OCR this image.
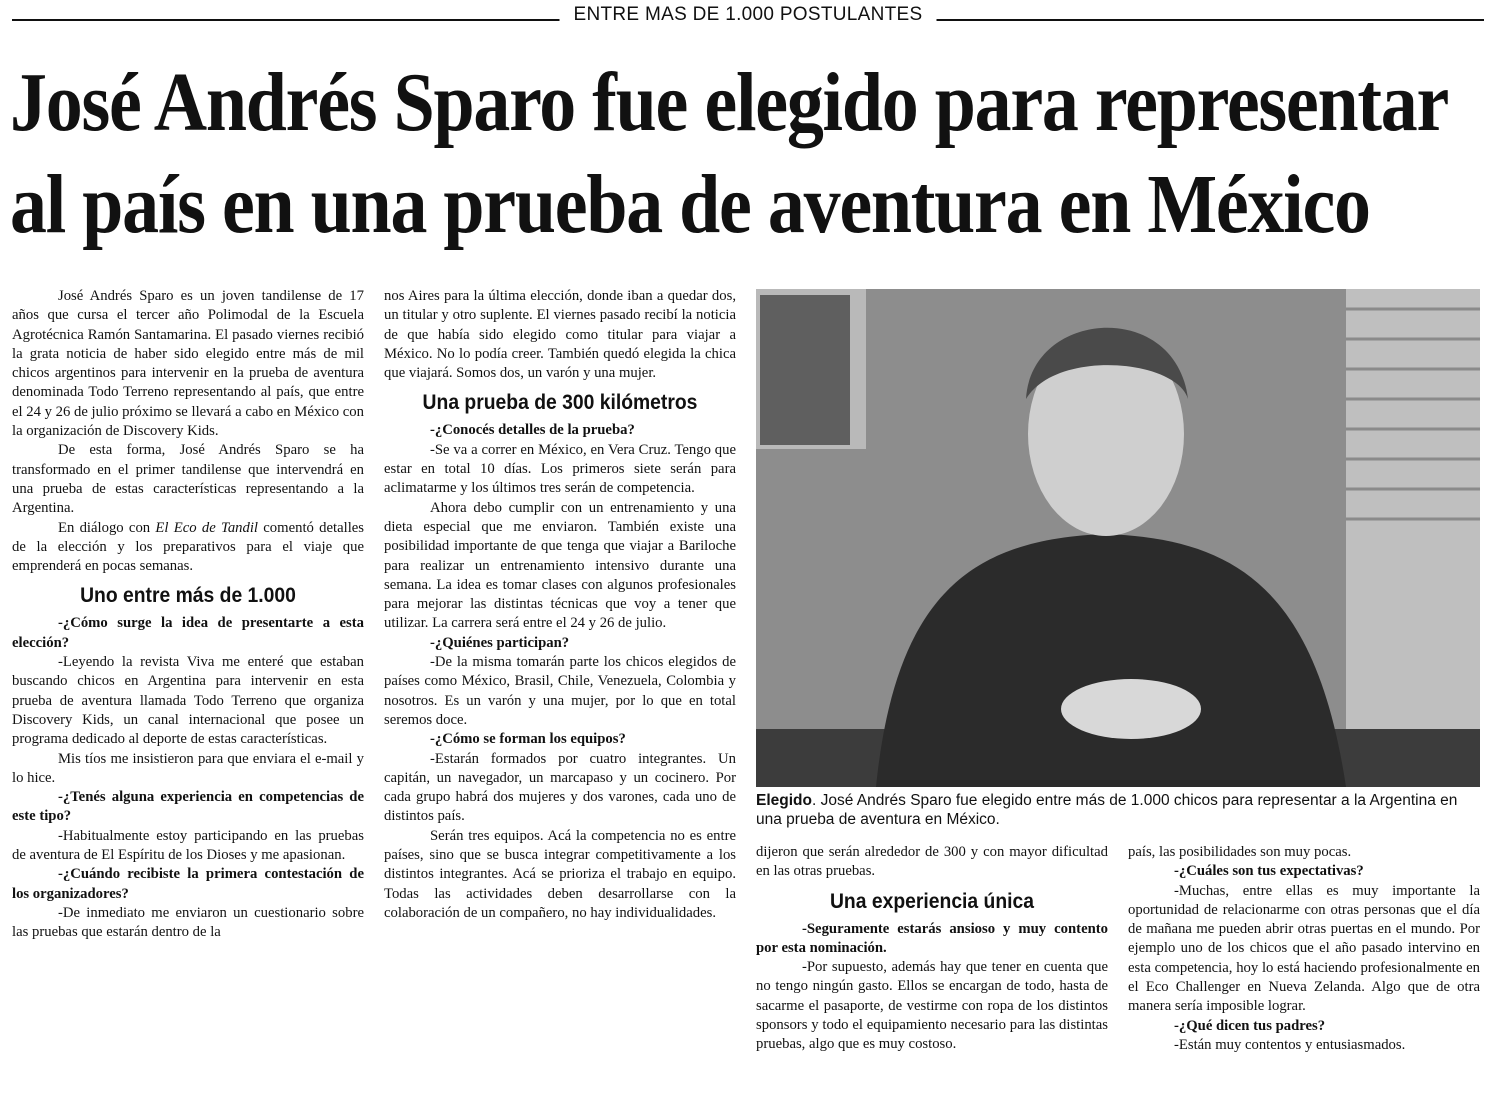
ENTRE MAS DE 1.000 POSTULANTES
José Andrés Sparo fue elegido para representar
al país en una prueba de aventura en México

José Andrés Sparo es un joven tandilense de 17 años que cursa el tercer año Polimodal de la Escuela Agrotécnica Ramón Santamarina. El pasado viernes recibió la grata noticia de haber sido elegido entre más de mil chicos argentinos para intervenir en la prueba de aventura denominada Todo Terreno representando al país, que entre el 24 y 26 de julio próximo se llevará a cabo en México con la organización de Discovery Kids.

De esta forma, José Andrés Sparo se ha transformado en el primer tandilense que intervendrá en una prueba de estas características representando a la Argentina.

En diálogo con El Eco de Tandil comentó detalles de la elección y los preparativos para el viaje que emprenderá en pocas semanas.

Uno entre más de 1.000

-¿Cómo surge la idea de presentarte a esta elección?

-Leyendo la revista Viva me enteré que estaban buscando chicos en Argentina para intervenir en esta prueba de aventura llamada Todo Terreno que organiza Discovery Kids, un canal internacional que posee un programa dedicado al deporte de estas características.

Mis tíos me insistieron para que enviara el e-mail y lo hice.

-¿Tenés alguna experiencia en competencias de este tipo?

-Habitualmente estoy participando en las pruebas de aventura de El Espíritu de los Dioses y me apasionan.

-¿Cuándo recibiste la primera contestación de los organizadores?

-De inmediato me enviaron un cuestionario sobre las pruebas que estarán dentro de la

nos Aires para la última elección, donde iban a quedar dos, un titular y otro suplente. El viernes pasado recibí la noticia de que había sido elegido como titular para viajar a México. No lo podía creer. También quedó elegida la chica que viajará. Somos dos, un varón y una mujer.

Una prueba de 300 kilómetros

-¿Conocés detalles de la prueba?

-Se va a correr en México, en Vera Cruz. Tengo que estar en total 10 días. Los primeros siete serán para aclimatarme y los últimos tres serán de competencia.

Ahora debo cumplir con un entrenamiento y una dieta especial que me enviaron. También existe una posibilidad importante de que tenga que viajar a Bariloche para realizar un entrenamiento intensivo durante una semana. La idea es tomar clases con algunos profesionales para mejorar las distintas técnicas que voy a tener que utilizar. La carrera será entre el 24 y 26 de julio.

-¿Quiénes participan?

-De la misma tomarán parte los chicos elegidos de países como México, Brasil, Chile, Venezuela, Colombia y nosotros. Es un varón y una mujer, por lo que en total seremos doce.

-¿Cómo se forman los equipos?

-Estarán formados por cuatro integrantes. Un capitán, un navegador, un marcapaso y un cocinero. Por cada grupo habrá dos mujeres y dos varones, cada uno de distintos país.

Serán tres equipos. Acá la competencia no es entre países, sino que se busca integrar competitivamente a los distintos integrantes. Acá se prioriza el trabajo en equipo. Todas las actividades deben desarrollarse con la colaboración de un compañero, no hay individualidades.

Elegido. José Andrés Sparo fue elegido entre más de 1.000 chicos para representar a la Argentina en una prueba de aventura en México.

dijeron que serán alrededor de 300 y con mayor dificultad en las otras pruebas.

Una experiencia única

-Seguramente estarás ansioso y muy contento por esta nominación.

-Por supuesto, además hay que tener en cuenta que no tengo ningún gasto. Ellos se encargan de todo, hasta de sacarme el pasaporte, de vestirme con ropa de los distintos sponsors y todo el equipamiento necesario para las distintas pruebas, algo que es muy costoso.

país, las posibilidades son muy pocas.

-¿Cuáles son tus expectativas?

-Muchas, entre ellas es muy importante la oportunidad de relacionarme con otras personas que el día de mañana me pueden abrir otras puertas en el mundo. Por ejemplo uno de los chicos que el año pasado intervino en esta competencia, hoy lo está haciendo profesionalmente en el Eco Challenger en Nueva Zelanda. Algo que de otra manera sería imposible lograr.

-¿Qué dicen tus padres?

-Están muy contentos y entusiasmados.
